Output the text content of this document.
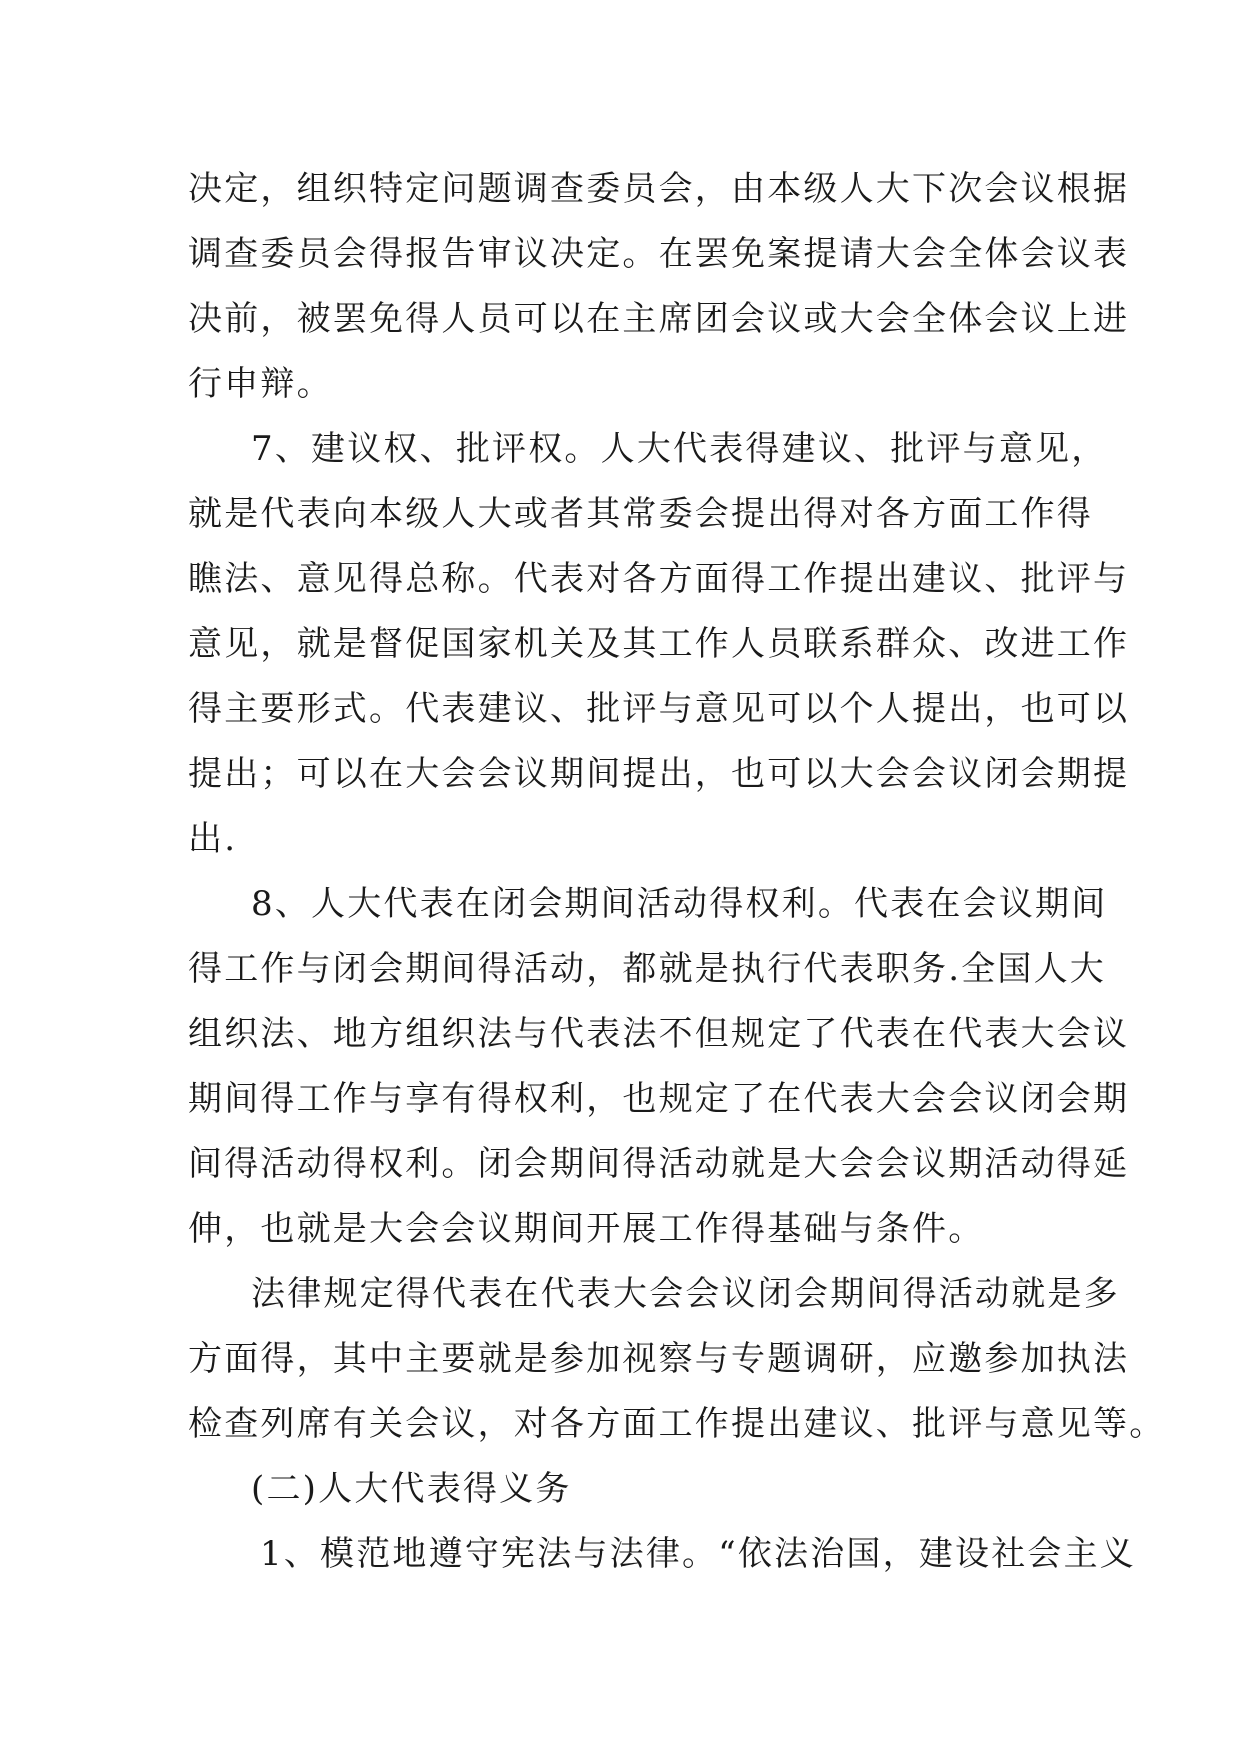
决定，组织特定问题调查委员会，由本级人大下次会议根据
调查委员会得报告审议决定。在罢免案提请大会全体会议表
决前，被罢免得人员可以在主席团会议或大会全体会议上进
行申辩。
7、建议权、批评权。人大代表得建议、批评与意见，
就是代表向本级人大或者其常委会提出得对各方面工作得
瞧法、意见得总称。代表对各方面得工作提出建议、批评与
意见，就是督促国家机关及其工作人员联系群众、改进工作
得主要形式。代表建议、批评与意见可以个人提出，也可以
提出；可以在大会会议期间提出，也可以大会会议闭会期提
出.
8、人大代表在闭会期间活动得权利。代表在会议期间
得工作与闭会期间得活动，都就是执行代表职务.全国人大
组织法、地方组织法与代表法不但规定了代表在代表大会议
期间得工作与享有得权利，也规定了在代表大会会议闭会期
间得活动得权利。闭会期间得活动就是大会会议期活动得延
伸，也就是大会会议期间开展工作得基础与条件。
法律规定得代表在代表大会会议闭会期间得活动就是多
方面得，其中主要就是参加视察与专题调研，应邀参加执法
检查列席有关会议，对各方面工作提出建议、批评与意见等。
(二)人大代表得义务
1、模范地遵守宪法与法律。“依法治国，建设社会主义
